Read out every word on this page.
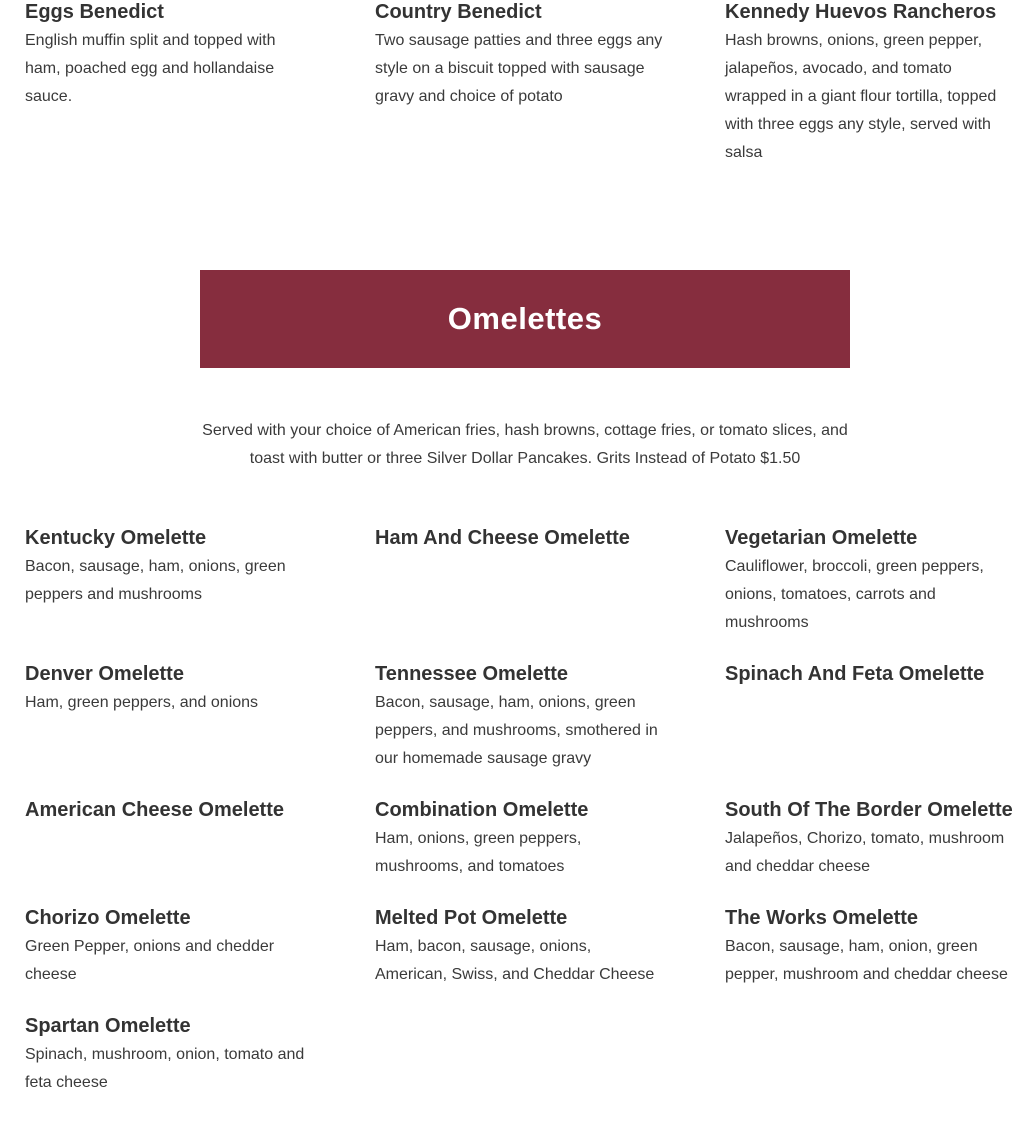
Eggs Benedict

English muffin split and topped with ham, poached egg and hollandaise sauce.

Country Benedict

Two sausage patties and three eggs any style on a biscuit topped with sausage gravy and choice of potato

Kennedy Huevos Rancheros

Hash browns, onions, green pepper, jalapeños, avocado, and tomato wrapped in a giant flour tortilla, topped with three eggs any style, served with salsa

Omelettes

Served with your choice of American fries, hash browns, cottage fries, or tomato slices, and toast with butter or three Silver Dollar Pancakes. Grits Instead of Potato $1.50

Kentucky Omelette

Bacon, sausage, ham, onions, green peppers and mushrooms

Ham And Cheese Omelette	Vegetarian Omelette

Cauliflower, broccoli, green peppers, onions, tomatoes, carrots and mushrooms

Denver Omelette

Ham, green peppers, and onions

Tennessee Omelette

Bacon, sausage, ham, onions, green peppers, and mushrooms, smothered in our homemade sausage gravy

Spinach And Feta Omelette

American Cheese Omelette	Combination Omelette

Ham, onions, green peppers, mushrooms, and tomatoes

South Of The Border Omelette

Jalapeños, Chorizo, tomato, mushroom and cheddar cheese

Chorizo Omelette

Green Pepper, onions and chedder cheese

Melted Pot Omelette

Ham, bacon, sausage, onions, American, Swiss, and Cheddar Cheese

The Works Omelette

Bacon, sausage, ham, onion, green pepper, mushroom and cheddar cheese

Spartan Omelette

Spinach, mushroom, onion, tomato and feta cheese
